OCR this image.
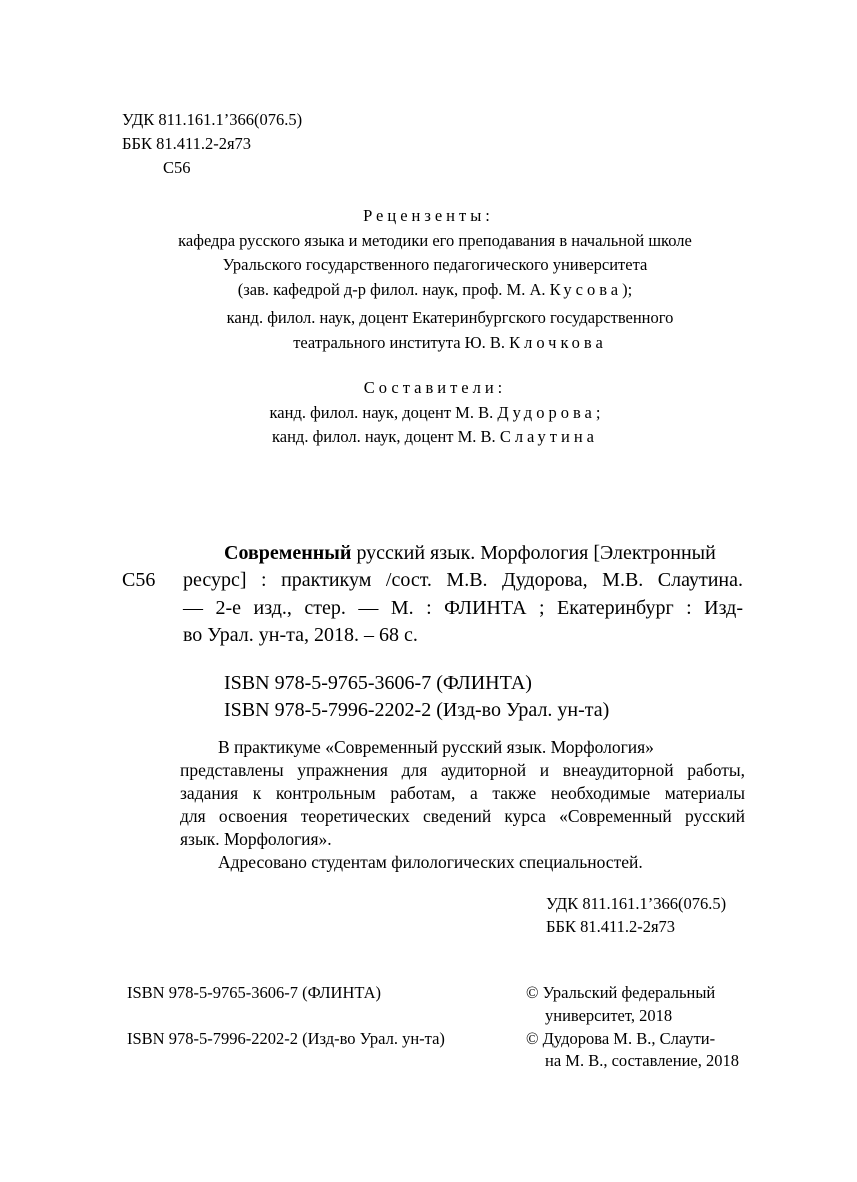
УДК 811.161.1’366(076.5)
ББК 81.411.2-2я73
С56
Рецензенты:
кафедра русского языка и методики его преподавания в начальной школе
Уральского государственного педагогического университета
(зав. кафедрой д-р филол. наук, проф. М. А. Кусова);
канд. филол. наук, доцент Екатеринбургского государственного
театрального института Ю. В. Клочкова
Составители:
канд. филол. наук, доцент М. В. Дудорова;
канд. филол. наук, доцент М. В. Слаутина
С56
Современный русский язык. Морфология [Электронный
ресурс] : практикум /сост. М.В. Дудорова, М.В. Слаутина.
— 2-е изд., стер. — М. : ФЛИНТА ; Екатеринбург : Изд-
во Урал. ун-та, 2018. – 68 с.
ISBN 978-5-9765-3606-7 (ФЛИНТА)
ISBN 978-5-7996-2202-2 (Изд-во Урал. ун-та)
В практикуме «Современный русский язык. Морфология»
представлены упражнения для аудиторной и внеаудиторной работы,
задания к контрольным работам, а также необходимые материалы
для освоения теоретических сведений курса «Современный русский
язык. Морфология».
Адресовано студентам филологических специальностей.
УДК 811.161.1’366(076.5)
ББК 81.411.2-2я73
ISBN 978-5-9765-3606-7 (ФЛИНТА)
ISBN 978-5-7996-2202-2 (Изд-во Урал. ун-та)
© Уральский федеральный
университет, 2018
© Дудорова М. В., Слаути-
на М. В., составление, 2018
